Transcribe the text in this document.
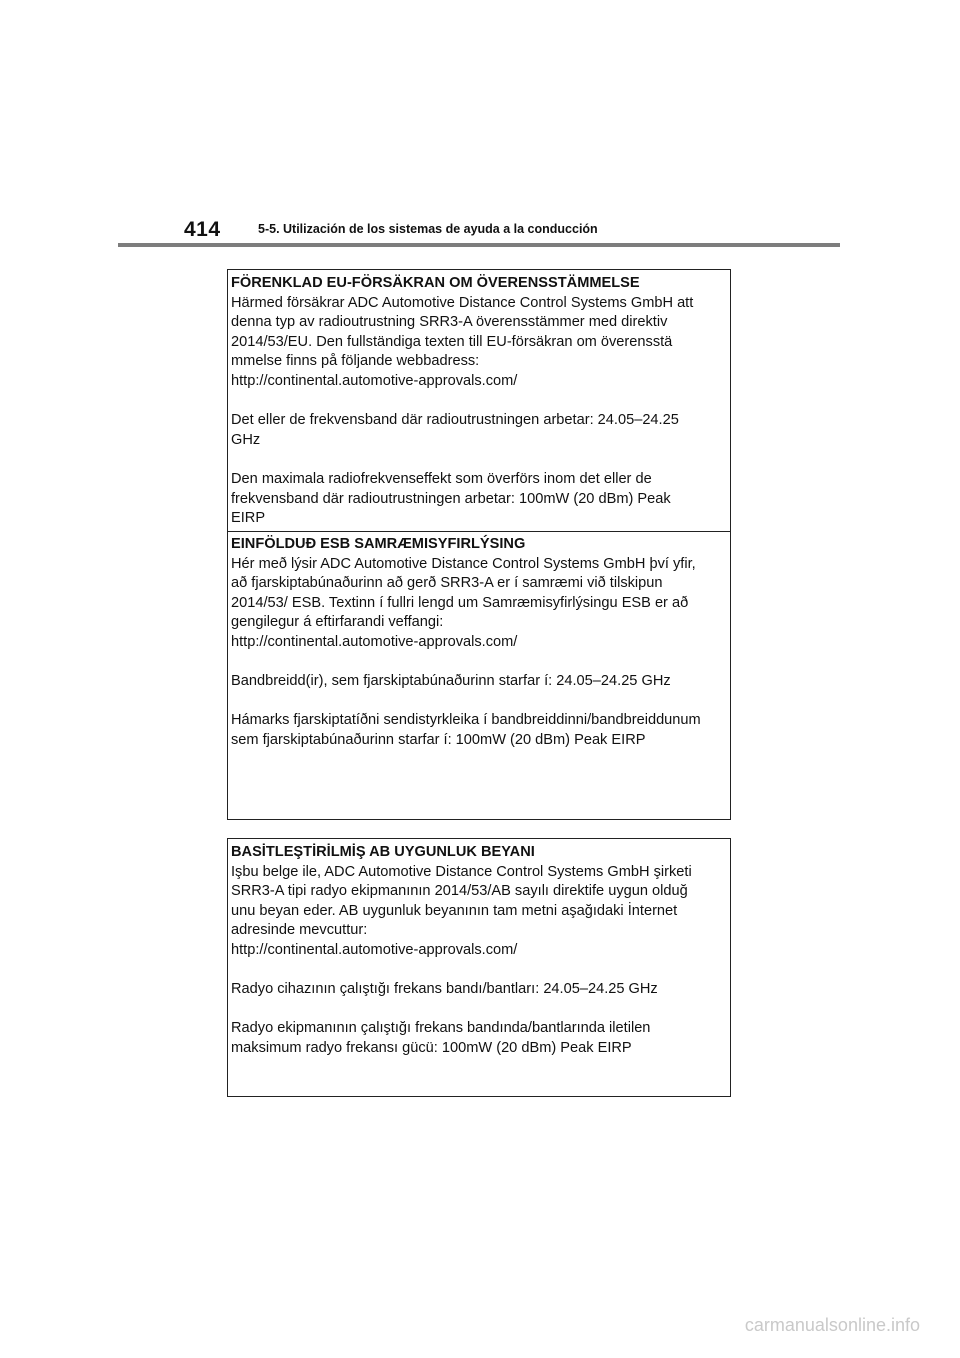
414	5-5. Utilización de los sistemas de ayuda a la conducción
FÖRENKLAD EU-FÖRSÄKRAN OM ÖVERENSSTÄMMELSE
Härmed försäkrar ADC Automotive Distance Control Systems GmbH att
denna typ av radioutrustning SRR3-A överensstämmer med direktiv
2014/53/EU. Den fullständiga texten till EU-försäkran om överensstä
mmelse finns på följande webbadress:
http://continental.automotive-approvals.com/
Det eller de frekvensband där radioutrustningen arbetar: 24.05–24.25
GHz
Den maximala radiofrekvenseffekt som överförs inom det eller de
frekvensband där radioutrustningen arbetar: 100mW (20 dBm) Peak
EIRP
EINFÖLDUÐ ESB SAMRÆMISYFIRLÝSING
Hér með lýsir ADC Automotive Distance Control Systems GmbH því yfir,
að fjarskiptabúnaðurinn að gerð SRR3-A er í samræmi við tilskipun
2014/53/ ESB. Textinn í fullri lengd um Samræmisyfirlýsingu ESB er að
gengilegur á eftirfarandi veffangi:
http://continental.automotive-approvals.com/
Bandbreidd(ir), sem fjarskiptabúnaðurinn starfar í: 24.05–24.25 GHz
Hámarks fjarskiptatíðni sendistyrkleika í bandbreiddinni/bandbreiddunum
sem fjarskiptabúnaðurinn starfar í: 100mW (20 dBm) Peak EIRP
BASİTLEŞTİRİLMİŞ AB UYGUNLUK BEYANI
Işbu belge ile, ADC Automotive Distance Control Systems GmbH şirketi
SRR3-A tipi radyo ekipmanının 2014/53/AB sayılı direktife uygun olduğ
unu beyan eder. AB uygunluk beyanının tam metni aşağıdaki İnternet
adresinde mevcuttur:
http://continental.automotive-approvals.com/
Radyo cihazının çalıştığı frekans bandı/bantları: 24.05–24.25 GHz
Radyo ekipmanının çalıştığı frekans bandında/bantlarında iletilen
maksimum radyo frekansı gücü: 100mW (20 dBm) Peak EIRP
carmanualsonline.info
